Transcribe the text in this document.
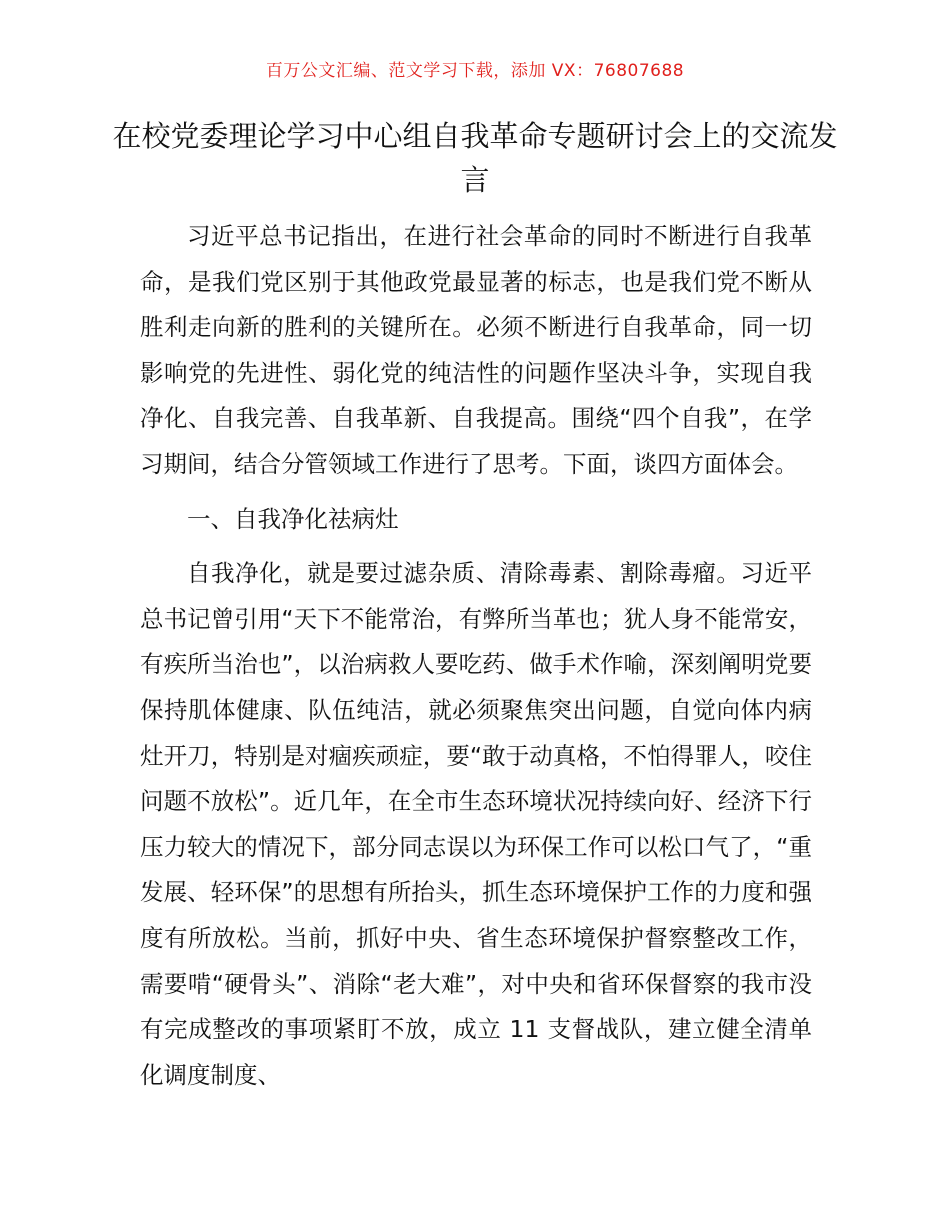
百万公文汇编、范文学习下载，添加 VX：76807688
在校党委理论学习中心组自我革命专题研讨会上的交流发言

习近平总书记指出，在进行社会革命的同时不断进行自我革命，是我们党区别于其他政党最显著的标志，也是我们党不断从胜利走向新的胜利的关键所在。必须不断进行自我革命，同一切影响党的先进性、弱化党的纯洁性的问题作坚决斗争，实现自我净化、自我完善、自我革新、自我提高。围绕“四个自我”，在学习期间，结合分管领域工作进行了思考。下面，谈四方面体会。

一、自我净化祛病灶

自我净化，就是要过滤杂质、清除毒素、割除毒瘤。习近平总书记曾引用“天下不能常治，有弊所当革也；犹人身不能常安，有疾所当治也”，以治病救人要吃药、做手术作喻，深刻阐明党要保持肌体健康、队伍纯洁，就必须聚焦突出问题，自觉向体内病灶开刀，特别是对痼疾顽症，要“敢于动真格，不怕得罪人，咬住问题不放松”。近几年，在全市生态环境状况持续向好、经济下行压力较大的情况下，部分同志误以为环保工作可以松口气了，“重发展、轻环保”的思想有所抬头，抓生态环境保护工作的力度和强度有所放松。当前，抓好中央、省生态环境保护督察整改工作，需要啃“硬骨头”、消除“老大难”，对中央和省环保督察的我市没有完成整改的事项紧盯不放，成立 11 支督战队，建立健全清单化调度制度、
